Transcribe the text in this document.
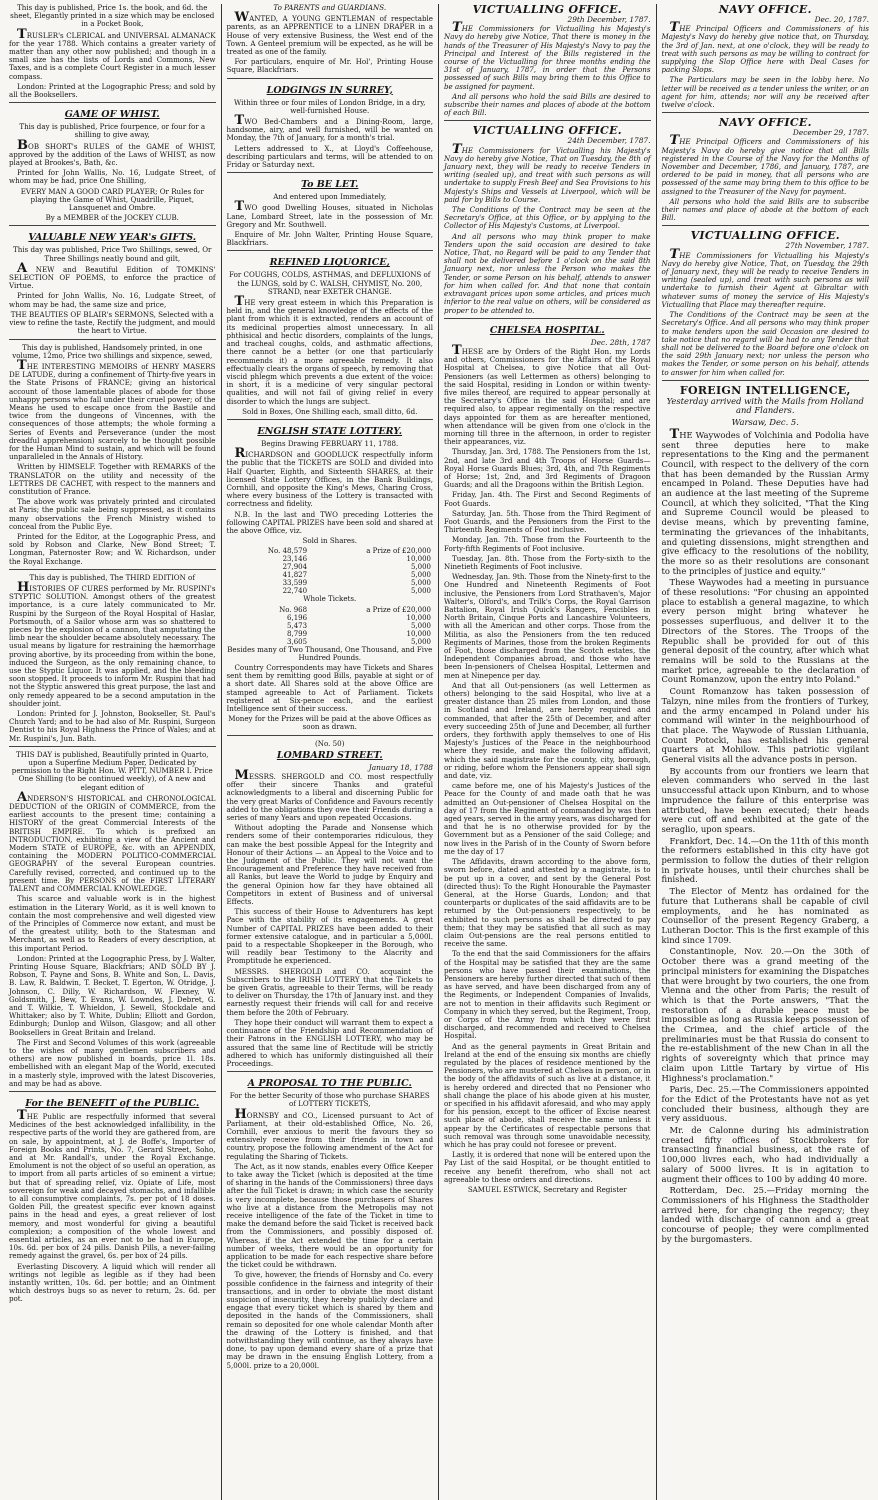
This day is published, Price 1s. the book, and 6d. the sheet, Elegantly printed in a size which may be enclosed in a Pocket Book,

TRUSLER's CLERICAL and UNIVERSAL ALMANACK for the year 1788. Which contains a greater variety of matter than any other now published; and though in a small size has the lists of Lords and Commons, New Taxes, and is a complete Court Register in a much lesser compass.

London: Printed at the Logographic Press; and sold by all the Booksellers.

GAME OF WHIST.

This day is published, Price fourpence, or four for a shilling to give away,

BOB SHORT's RULES of the GAME of WHIST, approved by the addition of the Laws of WHIST, as now played at Brookes's, Bath, &c.

Printed for John Wallis, No. 16, Ludgate Street, of whom may be had, price One Shilling,

EVERY MAN A GOOD CARD PLAYER; Or Rules for playing the Game of Whist, Quadrille, Piquet, Lansquenet and Ombre.

By a MEMBER of the JOCKEY CLUB.

VALUABLE NEW YEAR's GIFTS.

This day was published, Price Two Shillings, sewed, Or Three Shillings neatly bound and gilt,

A NEW and Beautiful Edition of TOMKINS' SELECTION OF POEMS, to enforce the practice of Virtue.

Printed for John Wallis, No. 16, Ludgate Street, of whom may be had, the same size and price,

THE BEAUTIES OF BLAIR's SERMONS, Selected with a view to refine the taste, Rectify the judgment, and mould the heart to Virtue.

This day is published, Handsomely printed, in one volume, 12mo, Price two shillings and sixpence, sewed,

THE INTERESTING MEMOIRS of HENRY MASERS DE LATUDE, during a confinement of Thirty-five years in the State Prisons of FRANCE; giving an historical account of those lamentable places of abode for those unhappy persons who fall under their cruel power; of the Means he used to escape once from the Bastile and twice from the dungeons of Vincennes, with the consequences of those attempts; the whole forming a Series of Events and Perseverance (under the most dreadful apprehension) scarcely to be thought possible for the Human Mind to sustain, and which will be found unparalleled in the Annals of History.

Written by HIMSELF. Together with REMARKS of the TRANSLATOR on the utility and necessity of the LETTRES DE CACHET, with respect to the manners and constitution of France.

The above work was privately printed and circulated at Paris; the public sale being suppressed, as it contains many observations the French Ministry wished to conceal from the Public Eye.

Printed for the Editor, at the Logographic Press, and sold by Robson and Clarke, New Bond Street; T. Longman, Paternoster Row; and W. Richardson, under the Royal Exchange.

This day is published, The THIRD EDITION of

HISTORIES OF CURES performed by Mr. RUSPINI's STYPTIC SOLUTION. Amongst others of the greatest importance, is a cure lately communicated to Mr. Ruspini by the Surgeon of the Royal Hospital of Haslar, Portsmouth, of a Sailor whose arm was so shattered to pieces by the explosion of a cannon, that amputating the limb near the shoulder became absolutely necessary. The usual means by ligature for restraining the hæmorrhage proving abortive, by its proceeding from within the bone, induced the Surgeon, as the only remaining chance, to use the Styptic Liquor. It was applied, and the bleeding soon stopped. It proceeds to inform Mr. Ruspini that had not the Styptic answered this great purpose, the last and only remedy appeared to be a second amputation in the shoulder joint.

London: Printed for J. Johnston, Bookseller, St. Paul's Church Yard; and to be had also of Mr. Ruspini, Surgeon Dentist to his Royal Highness the Prince of Wales; and at Mr. Ruspini's, Jun. Bath.

THIS DAY is published, Beautifully printed in Quarto, upon a Superfine Medium Paper, Dedicated by permission to the Right Hon. W. PITT, NUMBER I. Price One Shilling (to be continued weekly), of A new and elegant edition of

ANDERSON'S HISTORICAL and CHRONOLOGICAL DEDUCTION of the ORIGIN of COMMERCE, from the earliest accounts to the present time; containing a HISTORY of the great Commercial Interests of the BRITISH EMPIRE. To which is prefixed an INTRODUCTION, exhibiting a view of the Ancient and Modern STATE of EUROPE, &c. with an APPENDIX, containing the MODERN POLITICO-COMMERCIAL GEOGRAPHY of the several European countries. Carefully revised, corrected, and continued up to the present time. By PERSONS of the FIRST LITERARY TALENT and COMMERCIAL KNOWLEDGE.

This scarce and valuable work is in the highest estimation in the Literary World, as it is well known to contain the most comprehensive and well digested view of the Principles of Commerce now extant, and must be of the greatest utility, both to the Statesman and Merchant, as well as to Readers of every description, at this important Period.

London: Printed at the Logographic Press, by J. Walter, Printing House Square, Blackfriars; AND SOLD BY J. Robson, T. Payne and Sons, B. White and Son, L. Davis, B. Law, R. Baldwin, T. Becket, T. Egerton, W. Otridge, J. Johnson, C. Dilly, W. Richardson, W. Flexney, W. Goldsmith, J. Bew, T. Evans, W. Lowndes, J. Debret, G. and T. Wilkie, T. Whieldon, J. Sewell, Stockdale and Whittaker; also by T. White, Dublin; Elliott and Gordon, Edinburgh; Dunlop and Wilson, Glasgow; and all other Booksellers in Great Britain and Ireland.

The First and Second Volumes of this work (agreeable to the wishes of many gentlemen subscribers and others) are now published in boards, price 1l. 18s. embellished with an elegant Map of the World, executed in a masterly style, improved with the latest Discoveries, and may be had as above.

For the BENEFIT of the PUBLIC.

THE Public are respectfully informed that several Medicines of the best acknowledged infallibility, in the respective parts of the world they are gathered from, are on sale, by appointment, at J. de Boffe's, Importer of Foreign Books and Prints, No. 7, Gerard Street, Soho, and at Mr. Randall's, under the Royal Exchange. Emolument is not the object of so useful an operation, as to import from all parts articles of so eminent a virtue; but that of spreading relief, viz. Opiate of Life, most sovereign for weak and decayed stomachs, and infallible to all consumptive complaints, 7s. per pot of 18 doses. Golden Pill, the greatest specific ever known against pains in the head and eyes, a great reliever of lost memory, and most wonderful for giving a beautiful complexion; a composition of the whole lowest and essential articles, as an ever not to be had in Europe, 10s. 6d. per box of 24 pills. Danish Pills, a never-failing remedy against the gravel, 6s. per box of 24 pills.

Everlasting Discovery. A liquid which will render all writings not legible as legible as if they had been instantly written, 10s. 6d. per bottle; and an Ointment which destroys bugs so as never to return, 2s. 6d. per pot.

To PARENTS and GUARDIANS.

WANTED, A YOUNG GENTLEMAN of respectable parents, as an APPRENTICE to a LINEN DRAPER in a House of very extensive Business, the West end of the Town. A Genteel premium will be expected, as he will be treated as one of the family.

For particulars, enquire of Mr. Hol', Printing House Square, Blackfriars.

LODGINGS IN SURREY,

Within three or four miles of London Bridge, in a dry, well-furnished House.

TWO Bed-Chambers and a Dining-Room, large, handsome, airy, and well furnished, will be wanted on Monday, the 7th of January, for a month's trial.

Letters addressed to X., at Lloyd's Coffeehouse, describing particulars and terms, will be attended to on Friday or Saturday next.

To BE LET.

And entered upon Immediately,

TWO good Dwelling Houses, situated in Nicholas Lane, Lombard Street, late in the possession of Mr. Gregory and Mr. Southwell.

Enquire of Mr. John Walter, Printing House Square, Blackfriars.

REFINED LIQUORICE,

For COUGHS, COLDS, ASTHMAS, and DEFLUXIONS of the LUNGS, sold by C. WALSH, CHYMIST, No. 200, STRAND, near EXETER CHANGE.

THE very great esteem in which this Preparation is held in, and the general knowledge of the effects of the plant from which it is extracted, renders an account of its medicinal properties almost unnecessary. In all phthisical and hectic disorders, complaints of the lungs, and tracheal coughs, colds, and asthmatic affections, there cannot be a better (or one that particularly recommends it) a more agreeable remedy. It also effectually clears the organs of speech, by removing that viscid phlegm which prevents a due extent of the voice: in short, it is a medicine of very singular pectoral qualities, and will not fail of giving relief in every disorder to which the lungs are subject.

Sold in Boxes, One Shilling each, small ditto, 6d.

ENGLISH STATE LOTTERY.

Begins Drawing FEBRUARY 11, 1788.

RICHARDSON and GOODLUCK respectfully inform the public that the TICKETS are SOLD and divided into Half Quarter, Eighth, and Sixteenth SHARES, at their licensed State Lottery Offices, in the Bank Buildings, Cornhill, and opposite the King's Mews, Charing Cross, where every business of the Lottery is transacted with correctness and fidelity.

N.B. In the last and TWO preceding Lotteries the following CAPITAL PRIZES have been sold and shared at the above Office, viz.

Sold in Shares.

No. 48,579	a Prize of £20,000
23,146	10,000
27,904	5,000
41,827	5,000
33,599	5,000
22,740	5,000

Whole Tickets.

No. 968	a Prize of £20,000
6,196	10,000
5,473	5,000
8,799	10,000
3,605	5,000

Besides many of Two Thousand, One Thousand, and Five Hundred Pounds.

Country Correspondents may have Tickets and Shares sent them by remitting good Bills, payable at sight or of a short date. All Shares sold at the above Office are stamped agreeable to Act of Parliament. Tickets registered at Six-pence each, and the earliest Intelligence sent of their success.

Money for the Prizes will be paid at the above Offices as soon as drawn.

(No. 50)

LOMBARD STREET.
January 18, 1788

MESSRS. SHERGOLD and CO. most respectfully offer their sincere Thanks and grateful acknowledgments to a liberal and discerning Public for the very great Marks of Confidence and Favours recently added to the obligations they owe their Friends during a series of many Years and upon repeated Occasions.

Without adopting the Parade and Nonsense which renders some of their contemporaries ridiculous, they can make the best possible Appeal for the Integrity and Honour of their Actions — an Appeal to the Voice and to the Judgment of the Public. They will not want the Encouragement and Preference they have received from all Ranks, but leave the World to judge by Enquiry and the general Opinion how far they have obtained all Competitors in extent of Business and of universal Effects.

This success of their House to Adventurers has kept Pace with the stability of its engagements. A great Number of CAPITAL PRIZES have been added to their former extensive catalogue, and in particular a 5,000l. paid to a respectable Shopkeeper in the Borough, who will readily bear Testimony to the Alacrity and Promptitude he experienced.

MESSRS. SHERGOLD and CO. acquaint the Subscribers to the IRISH LOTTERY that the Tickets to be given Gratis, agreeable to their Terms, will be ready to deliver on Thursday, the 17th of January inst. and they earnestly request their friends will call for and receive them before the 20th of February.

They hope their conduct will warrant them to expect a continuance of the Friendship and Recommendation of their Patrons in the ENGLISH LOTTERY, who may be assured that the same line of Rectitude will be strictly adhered to which has uniformly distinguished all their Proceedings.

A PROPOSAL TO THE PUBLIC.

For the better Security of those who purchase SHARES of LOTTERY TICKETS,

HORNSBY and CO., Licensed pursuant to Act of Parliament, at their old-established Office, No. 26, Cornhill, ever anxious to merit the favours they so extensively receive from their friends in town and country, propose the following amendment of the Act for regulating the Sharing of Tickets.

The Act, as it now stands, enables every Office Keeper to take away the Ticket (which is deposited at the time of sharing in the hands of the Commissioners) three days after the full Ticket is drawn; in which case the security is very incomplete, because those purchasers of Shares who live at a distance from the Metropolis may not receive intelligence of the fate of the Ticket in time to make the demand before the said Ticket is received back from the Commissioners, and possibly disposed of. Whereas, if the Act extended the time for a certain number of weeks, there would be an opportunity for application to be made for each respective share before the ticket could be withdrawn.

To give, however, the friends of Hornsby and Co. every possible confidence in the fairness and integrity of their transactions, and in order to obviate the most distant suspicion of insecurity, they hereby publicly declare and engage that every ticket which is shared by them and deposited in the hands of the Commissioners, shall remain so deposited for one whole calendar Month after the drawing of the Lottery is finished, and that notwithstanding they will continue, as they always have done, to pay upon demand every share of a prize that may be drawn in the ensuing English Lottery, from a 5,000l. prize to a 20,000l.

VICTUALLING OFFICE.
29th December, 1787.

THE Commissioners for Victualling his Majesty's Navy do hereby give Notice, That there is money in the hands of the Treasurer of His Majesty's Navy to pay the Principal and Interest of the Bills registered in the course of the Victualling for three months ending the 31st of January, 1787, in order that the Persons possessed of such Bills may bring them to this Office to be assigned for payment.

And all persons who hold the said Bills are desired to subscribe their names and places of abode at the bottom of each Bill.

VICTUALLING OFFICE.
24th December, 1787.

THE Commissioners for Victualling his Majesty's Navy do hereby give Notice, That on Tuesday, the 8th of January next, they will be ready to receive Tenders in writing (sealed up), and treat with such persons as will undertake to supply Fresh Beef and Sea Provisions to his Majesty's Ships and Vessels at Liverpool, which will be paid for by Bills to Course.

The Conditions of the Contract may be seen at the Secretary's Office, at this Office, or by applying to the Collector of His Majesty's Customs, at Liverpool.

And all persons who may think proper to make Tenders upon the said occasion are desired to take Notice, That, no Regard will be paid to any Tender that shall not be delivered before 1 o'clock on the said 8th January next, nor unless the Person who makes the Tender, or some Person on his behalf, attends to answer for him when called for. And that none that contain extravagant prices upon some articles, and prices much inferior to the real value on others, will be considered as proper to be attended to.

CHELSEA HOSPITAL.
Dec. 28th, 1787

THESE are by Orders of the Right Hon. my Lords and others, Commissioners for the Affairs of the Royal Hospital at Chelsea, to give Notice that all Out-Pensioners (as well Lettermen as others) belonging to the said Hospital, residing in London or within twenty-five miles thereof, are required to appear personally at the Secretary's Office in the said Hospital; and are required also, to appear regimentally on the respective days appointed for them as are hereafter mentioned, when attendance will be given from one o'clock in the morning till three in the afternoon, in order to register their appearances, viz.

Thursday, Jan. 3rd, 1788. The Pensioners from the 1st, 2nd, and late 3rd and 4th Troops of Horse Guards—Royal Horse Guards Blues; 3rd, 4th, and 7th Regiments of Horse; 1st, 2nd, and 3rd Regiments of Dragoon Guards; and all the Dragoons within the British Legion.

Friday, Jan. 4th. The First and Second Regiments of Foot Guards.

Saturday, Jan. 5th. Those from the Third Regiment of Foot Guards, and the Pensioners from the First to the Thirteenth Regiments of Foot inclusive.

Monday, Jan. 7th. Those from the Fourteenth to the Forty-fifth Regiments of Foot inclusive.

Tuesday, Jan. 8th. Those from the Forty-sixth to the Ninetieth Regiments of Foot inclusive.

Wednesday, Jan. 9th. Those from the Ninety-first to the One Hundred and Nineteenth Regiments of Foot inclusive, the Pensioners from Lord Strathaven's, Major Walter's, Olford's, and Trilk's Corps, the Royal Garrison Battalion, Royal Irish Quick's Rangers, Fencibles in North Britain, Cinque Ports and Lancashire Volunteers, with all the American and other corps. Those from the Militia, as also the Pensioners from the ten reduced Regiments of Marines, those from the broken Regiments of Foot, those discharged from the Scotch estates, the Independent Companies abroad, and those who have been In-pensioners of Chelsea Hospital, Lettermen and men at Ninepence per day.

And that all Out-pensioners (as well Lettermen as others) belonging to the said Hospital, who live at a greater distance than 25 miles from London, and those in Scotland and Ireland, are hereby required and commanded, that after the 25th of December, and after every succeeding 25th of June and December, all further orders, they forthwith apply themselves to one of His Majesty's Justices of the Peace in the neighbourhood where they reside, and make the following affidavit, which the said magistrate for the county, city, borough, or riding, before whom the Pensioners appear shall sign and date, viz.

came before me, one of his Majesty's Justices of the Peace for the County of and made oath that he was admitted an Out-pensioner of Chelsea Hospital on the day of 17 from the Regiment of commanded by was then aged years, served in the army years, was discharged for and that he is no otherwise provided for by the Government but as a Pensioner of the said College; and now lives in the Parish of in the County of Sworn before me the day of 17

The Affidavits, drawn according to the above form, sworn before, dated and attested by a magistrate, is to be put up in a cover, and sent by the General Post (directed thus): To the Right Honourable the Paymaster General, at the Horse Guards, London; and that counterparts or duplicates of the said affidavits are to be returned by the Out-pensioners respectively, to be exhibited to such persons as shall be directed to pay them; that they may be satisfied that all such as may claim Out-pensions are the real persons entitled to receive the same.

To the end that the said Commissioners for the affairs of the Hospital may be satisfied that they are the same persons who have passed their examinations, the Pensioners are hereby further directed that such of them as have served, and have been discharged from any of the Regiments, or Independent Companies of Invalids, are not to mention in their affidavits such Regiment or Company in which they served, but the Regiment, Troop, or Corps of the Army from which they were first discharged, and recommended and received to Chelsea Hospital.

And as the general payments in Great Britain and Ireland at the end of the ensuing six months are chiefly regulated by the places of residence mentioned by the Pensioners, who are mustered at Chelsea in person, or in the body of the affidavits of such as live at a distance, it is hereby ordered and directed that no Pensioner who shall change the place of his abode given at his muster, or specified in his affidavit aforesaid, and who may apply for his pension, except to the officer of Excise nearest such place of abode, shall receive the same unless it appear by the Certificates of respectable persons that such removal was through some unavoidable necessity, which he has pray could not foresee or prevent.

Lastly, it is ordered that none will be entered upon the Pay List of the said Hospital, or be thought entitled to receive any benefit therefrom, who shall not act agreeable to these orders and directions.

SAMUEL ESTWICK, Secretary and Register

NAVY OFFICE.
Dec. 20, 1787.

THE Principal Officers and Commissioners of his Majesty's Navy do hereby give notice that, on Thursday, the 3rd of Jan. next, at one o'clock, they will be ready to treat with such persons as may be willing to contract for supplying the Slop Office here with Deal Cases for packing Slops.

The Particulars may be seen in the lobby here. No letter will be received as a tender unless the writer, or an agent for him, attends; nor will any be received after twelve o'clock.

NAVY OFFICE.
December 29, 1787.

THE Principal Officers and Commissioners of his Majesty's Navy do hereby give notice that all Bills registered in the Course of the Navy for the Months of November and December, 1786, and January, 1787, are ordered to be paid in money, that all persons who are possessed of the same may bring them to this office to be assigned to the Treasurer of the Navy for payment.

All persons who hold the said Bills are to subscribe their names and place of abode at the bottom of each Bill.

VICTUALLING OFFICE.
27th November, 1787.

THE Commissioners for Victualling his Majesty's Navy do hereby give Notice, That, on Tuesday, the 29th of January next, they will be ready to receive Tenders in writing (sealed up), and treat with such persons as will undertake to furnish their Agent at Gibraltar with whatever sums of money the service of His Majesty's Victualling that Place may thereafter require.

The Conditions of the Contract may be seen at the Secretary's Office. And all persons who may think proper to make tenders upon the said Occasion are desired to take notice that no regard will be had to any Tender that shall not be delivered to the Board before one o'clock on the said 29th January next; nor unless the person who makes the Tender, or some person on his behalf, attends to answer for him when called for.

FOREIGN INTELLIGENCE,

Yesterday arrived with the Mails from Holland and Flanders.

Warsaw, Dec. 5.

THE Waywodes of Volchinia and Podolia have sent three deputies here to make representations to the King and the permanent Council, with respect to the delivery of the corn that has been demanded by the Russian Army encamped in Poland. These Deputies have had an audience at the last meeting of the Supreme Council, at which they solicited, "That the King and Supreme Council would be pleased to devise means, which by preventing famine, terminating the grievances of the inhabitants, and quieting dissensions, might strengthen and give efficacy to the resolutions of the nobility, the more so as their resolutions are consonant to the principles of justice and equity."

These Waywodes had a meeting in pursuance of these resolutions: "For chusing an appointed place to establish a general magazine, to which every person might bring whatever he possesses superfluous, and deliver it to the Directors of the Stores. The Troops of the Republic shall be provided for out of this general deposit of the country, after which what remains will be sold to the Russians at the market price, agreeable to the declaration of Count Romanzow, upon the entry into Poland."

Count Romanzow has taken possession of Talzyn, nine miles from the frontiers of Turkey, and the army encamped in Poland under his command will winter in the neighbourhood of that place. The Waywode of Russian Lithuania, Count Potocki, has established his general quarters at Mohilow. This patriotic vigilant General visits all the advance posts in person.

By accounts from our frontiers we learn that eleven commanders who served in the last unsuccessful attack upon Kinburn, and to whose imprudence the failure of this enterprise was attributed, have been executed; their heads were cut off and exhibited at the gate of the seraglio, upon spears.

Frankfort, Dec. 14.—On the 11th of this month the reformers established in this city have got permission to follow the duties of their religion in private houses, until their churches shall be finished.

The Elector of Mentz has ordained for the future that Lutherans shall be capable of civil employments, and he has nominated as Counsellor of the present Regency Graberg, a Lutheran Doctor. This is the first example of this kind since 1709.

Constantinople, Nov. 20.—On the 30th of October there was a grand meeting of the principal ministers for examining the Dispatches that were brought by two couriers, the one from Vienna and the other from Paris; the result of which is that the Porte answers, "That the restoration of a durable peace must be impossible as long as Russia keeps possession of the Crimea, and the chief article of the preliminaries must be that Russia do consent to the re-establishment of the new Chan in all the rights of sovereignty which that prince may claim upon Little Tartary by virtue of His Highness's proclamation."

Paris, Dec. 25.—The Commissioners appointed for the Edict of the Protestants have not as yet concluded their business, although they are very assiduous.

Mr. de Calonne during his administration created fifty offices of Stockbrokers for transacting financial business, at the rate of 100,000 livres each, who had individually a salary of 5000 livres. It is in agitation to augment their offices to 100 by adding 40 more.

Rotterdam, Dec. 25.—Friday morning the Commissioners of his Highness the Stadtholder arrived here, for changing the regency; they landed with discharge of cannon and a great concourse of people; they were complimented by the burgomasters.
